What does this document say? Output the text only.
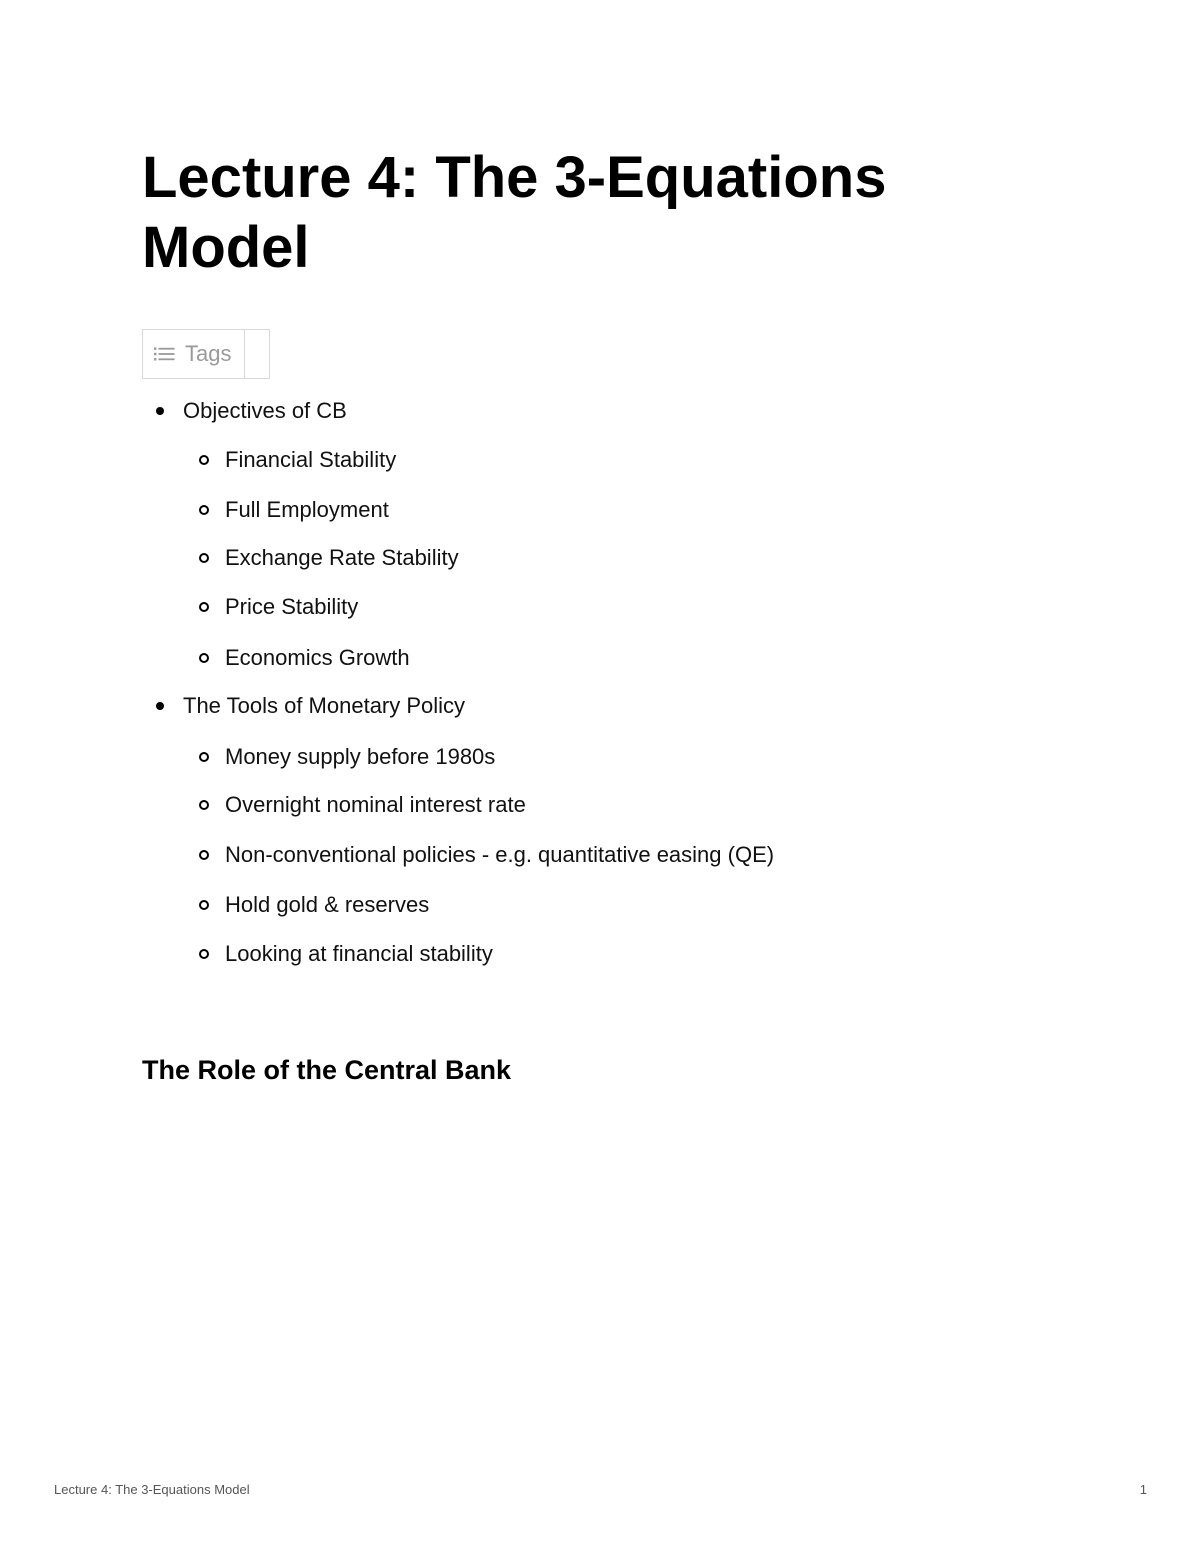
Lecture 4: The 3-Equations Model
Tags
Objectives of CB
Financial Stability
Full Employment
Exchange Rate Stability
Price Stability
Economics Growth
The Tools of Monetary Policy
Money supply before 1980s
Overnight nominal interest rate
Non-conventional policies - e.g. quantitative easing (QE)
Hold gold & reserves
Looking at financial stability
The Role of the Central Bank
Lecture 4: The 3-Equations Model	1
